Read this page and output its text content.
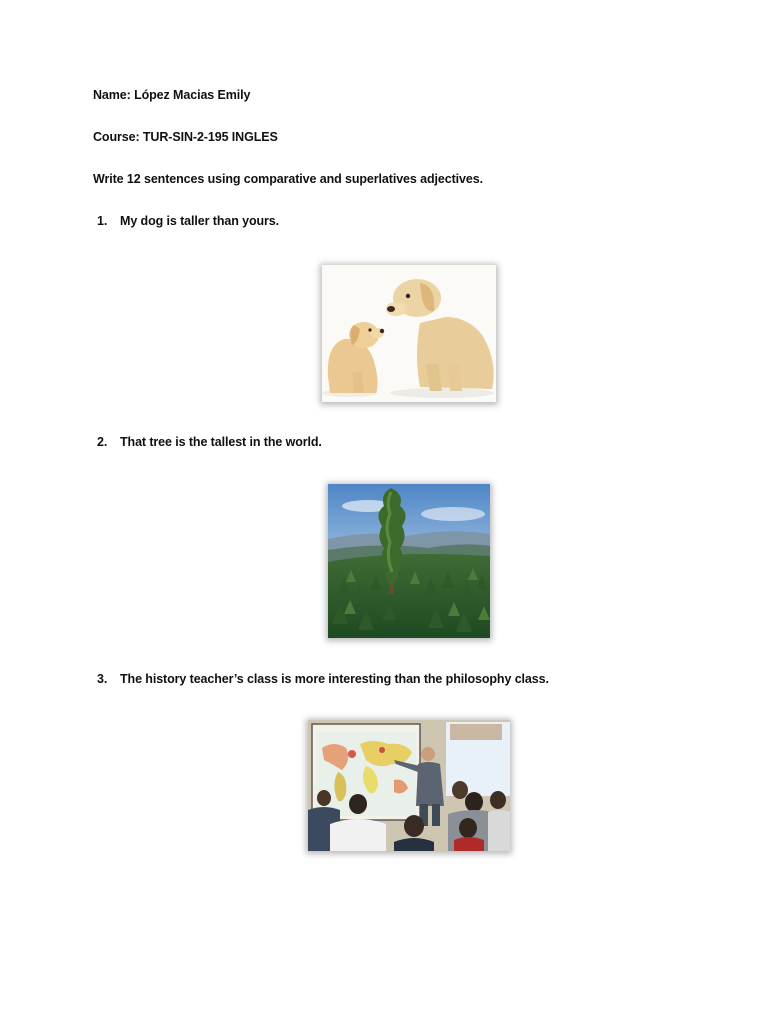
Name: López Macias Emily
Course: TUR-SIN-2-195 INGLES
Write 12 sentences using comparative and superlatives adjectives.
1. My dog is taller than yours.
2. That tree is the tallest in the world.
3. The history teacher’s class is more interesting than the philosophy class.
